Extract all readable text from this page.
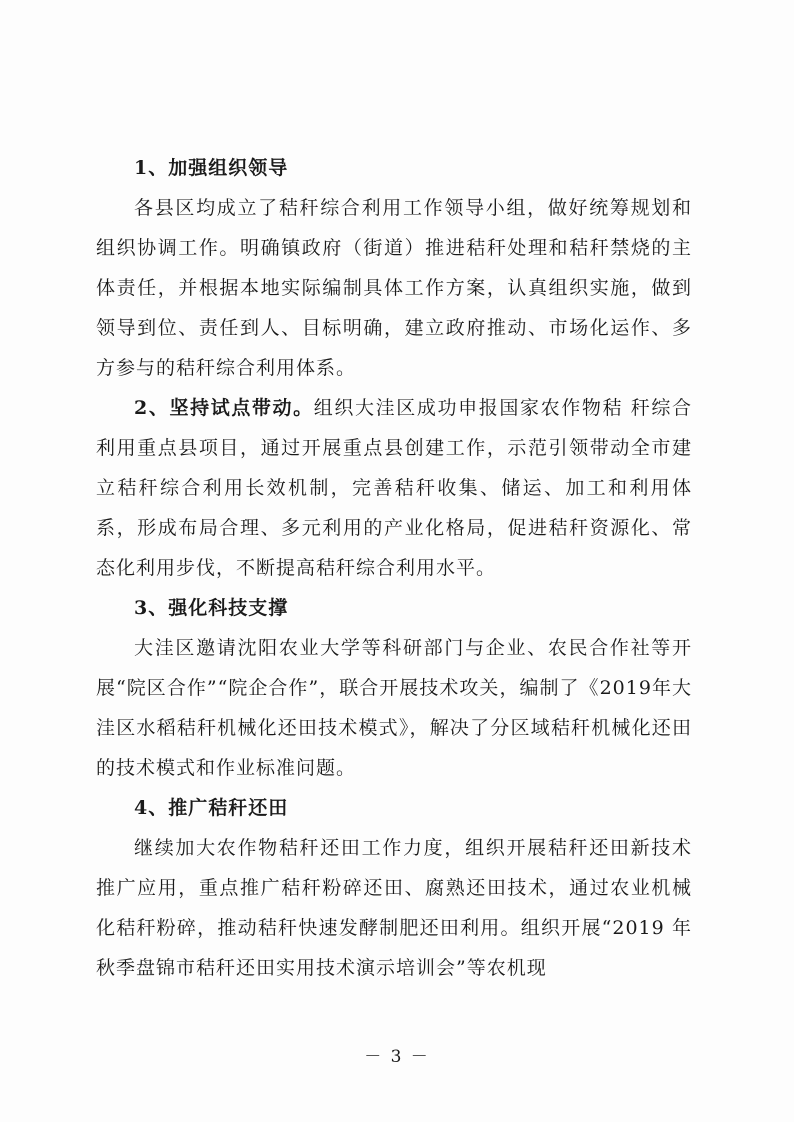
1、加强组织领导

各县区均成立了秸秆综合利用工作领导小组，做好统筹规划和组织协调工作。明确镇政府（街道）推进秸秆处理和秸秆禁烧的主体责任，并根据本地实际编制具体工作方案，认真组织实施，做到领导到位、责任到人、目标明确，建立政府推动、市场化运作、多方参与的秸秆综合利用体系。

2、坚持试点带动。组织大洼区成功申报国家农作物秸 秆综合利用重点县项目，通过开展重点县创建工作，示范引领带动全市建立秸秆综合利用长效机制，完善秸秆收集、储运、加工和利用体系，形成布局合理、多元利用的产业化格局，促进秸秆资源化、常态化利用步伐，不断提高秸秆综合利用水平。

3、强化科技支撑

大洼区邀请沈阳农业大学等科研部门与企业、农民合作社等开展“院区合作”“院企合作”，联合开展技术攻关，编制了《2019年大洼区水稻秸秆机械化还田技术模式》，解决了分区域秸秆机械化还田的技术模式和作业标准问题。

4、推广秸秆还田

继续加大农作物秸秆还田工作力度，组织开展秸秆还田新技术推广应用，重点推广秸秆粉碎还田、腐熟还田技术，通过农业机械化秸秆粉碎，推动秸秆快速发酵制肥还田利用。组织开展“2019 年秋季盘锦市秸秆还田实用技术演示培训会”等农机现

－ 3 －
